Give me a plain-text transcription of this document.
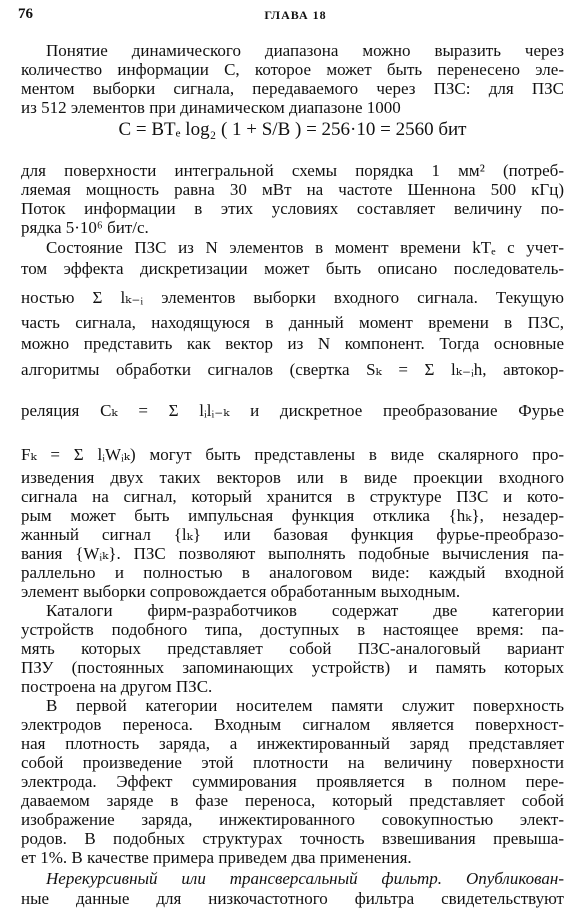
76	ГЛАВА 18
Понятие динамического диапазона можно выразить через
количество информации C, которое может быть перенесено эле-
ментом выборки сигнала, передаваемого через ПЗС: для ПЗС
из 512 элементов при динамическом диапазоне 1000
C = BTₑ log₂ ( 1 + S/B ) = 256·10 = 2560 бит
для поверхности интегральной схемы порядка 1 мм² (потреб-
ляемая мощность равна 30 мВт на частоте Шеннона 500 кГц)
Поток информации в этих условиях составляет величину по-
рядка 5·10⁶ бит/с.
Состояние ПЗС из N элементов в момент времени kTₑ с учет-
том эффекта дискретизации может быть описано последователь-
ностью Σ lₖ₋ᵢ элементов выборки входного сигнала. Текущую
часть сигнала, находящуюся в данный момент времени в ПЗС,
можно представить как вектор из N компонент. Тогда основные
алгоритмы обработки сигналов (свертка Sₖ = Σ lₖ₋ᵢh, автокор-
реляция Cₖ = Σ lᵢlᵢ₋ₖ и дискретное преобразование Фурье
Fₖ = Σ lᵢWᵢₖ) могут быть представлены в виде скалярного про-
изведения двух таких векторов или в виде проекции входного
сигнала на сигнал, который хранится в структуре ПЗС и кото-
рым может быть импульсная функция отклика {hₖ}, незадер-
жанный сигнал {lₖ} или базовая функция фурье-преобразо-
вания {Wᵢₖ}. ПЗС позволяют выполнять подобные вычисления па-
раллельно и полностью в аналоговом виде: каждый входной
элемент выборки сопровождается обработанным выходным.
Каталоги фирм-разработчиков содержат две категории
устройств подобного типа, доступных в настоящее время: па-
мять которых представляет собой ПЗС-аналоговый вариант
ПЗУ (постоянных запоминающих устройств) и память которых
построена на другом ПЗС.
В первой категории носителем памяти служит поверхность
электродов переноса. Входным сигналом является поверхност-
ная плотность заряда, а инжектированный заряд представляет
собой произведение этой плотности на величину поверхности
электрода. Эффект суммирования проявляется в полном пере-
даваемом заряде в фазе переноса, который представляет собой
изображение заряда, инжектированного совокупностью элект-
родов. В подобных структурах точность взвешивания превыша-
ет 1%. В качестве примера приведем два применения.
Нерекурсивный или трансверсальный фильтр. Опубликован-
ные данные для низкочастотного фильтра свидетельствуют
